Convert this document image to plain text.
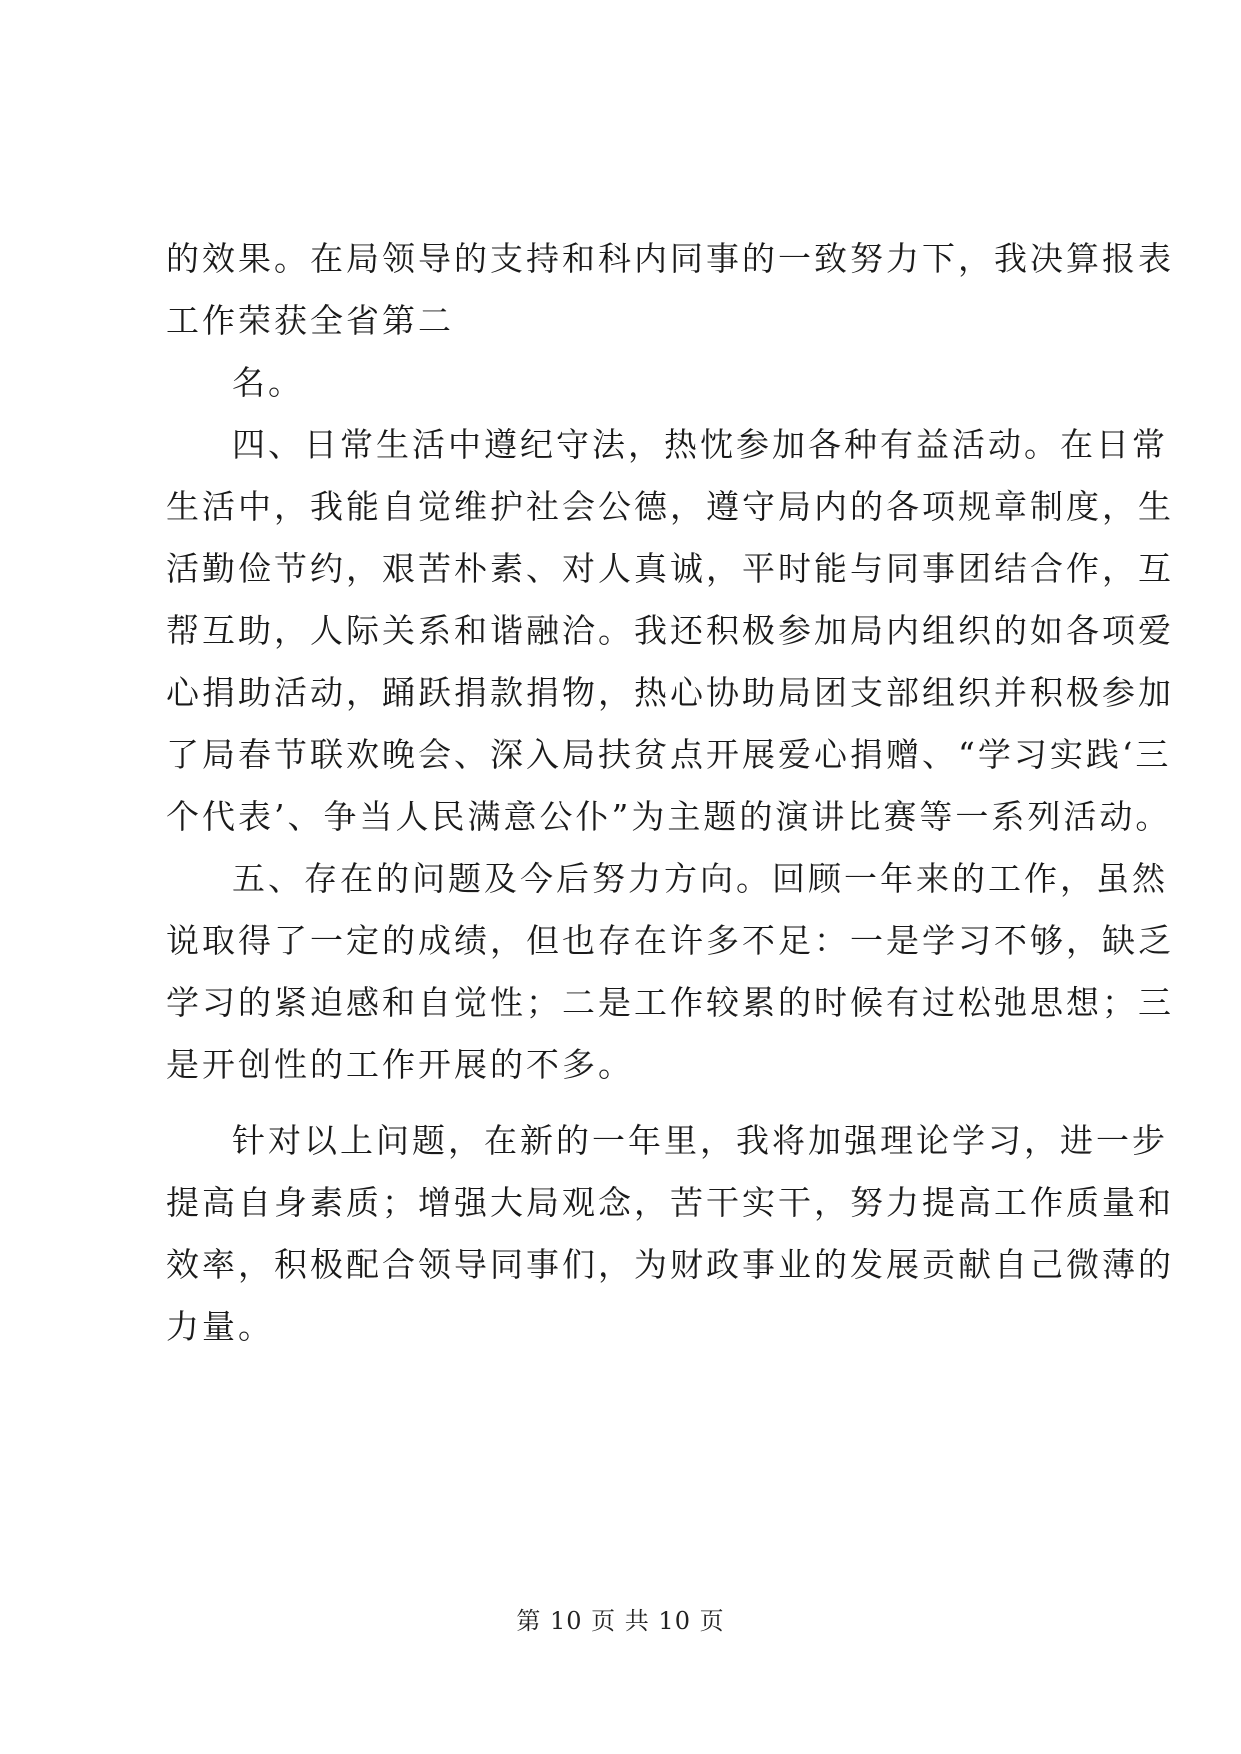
的效果。在局领导的支持和科内同事的一致努力下，我决算报表
工作荣获全省第二
名。
四、日常生活中遵纪守法，热忱参加各种有益活动。在日常
生活中，我能自觉维护社会公德，遵守局内的各项规章制度，生
活勤俭节约，艰苦朴素、对人真诚，平时能与同事团结合作，互
帮互助，人际关系和谐融洽。我还积极参加局内组织的如各项爱
心捐助活动，踊跃捐款捐物，热心协助局团支部组织并积极参加
了局春节联欢晚会、深入局扶贫点开展爱心捐赠、“学习实践‘三
个代表’、争当人民满意公仆”为主题的演讲比赛等一系列活动。
五、存在的问题及今后努力方向。回顾一年来的工作，虽然
说取得了一定的成绩，但也存在许多不足：一是学习不够，缺乏
学习的紧迫感和自觉性；二是工作较累的时候有过松弛思想；三
是开创性的工作开展的不多。
针对以上问题，在新的一年里，我将加强理论学习，进一步
提高自身素质；增强大局观念，苦干实干，努力提高工作质量和
效率，积极配合领导同事们，为财政事业的发展贡献自己微薄的
力量。
第 10 页 共 10 页
